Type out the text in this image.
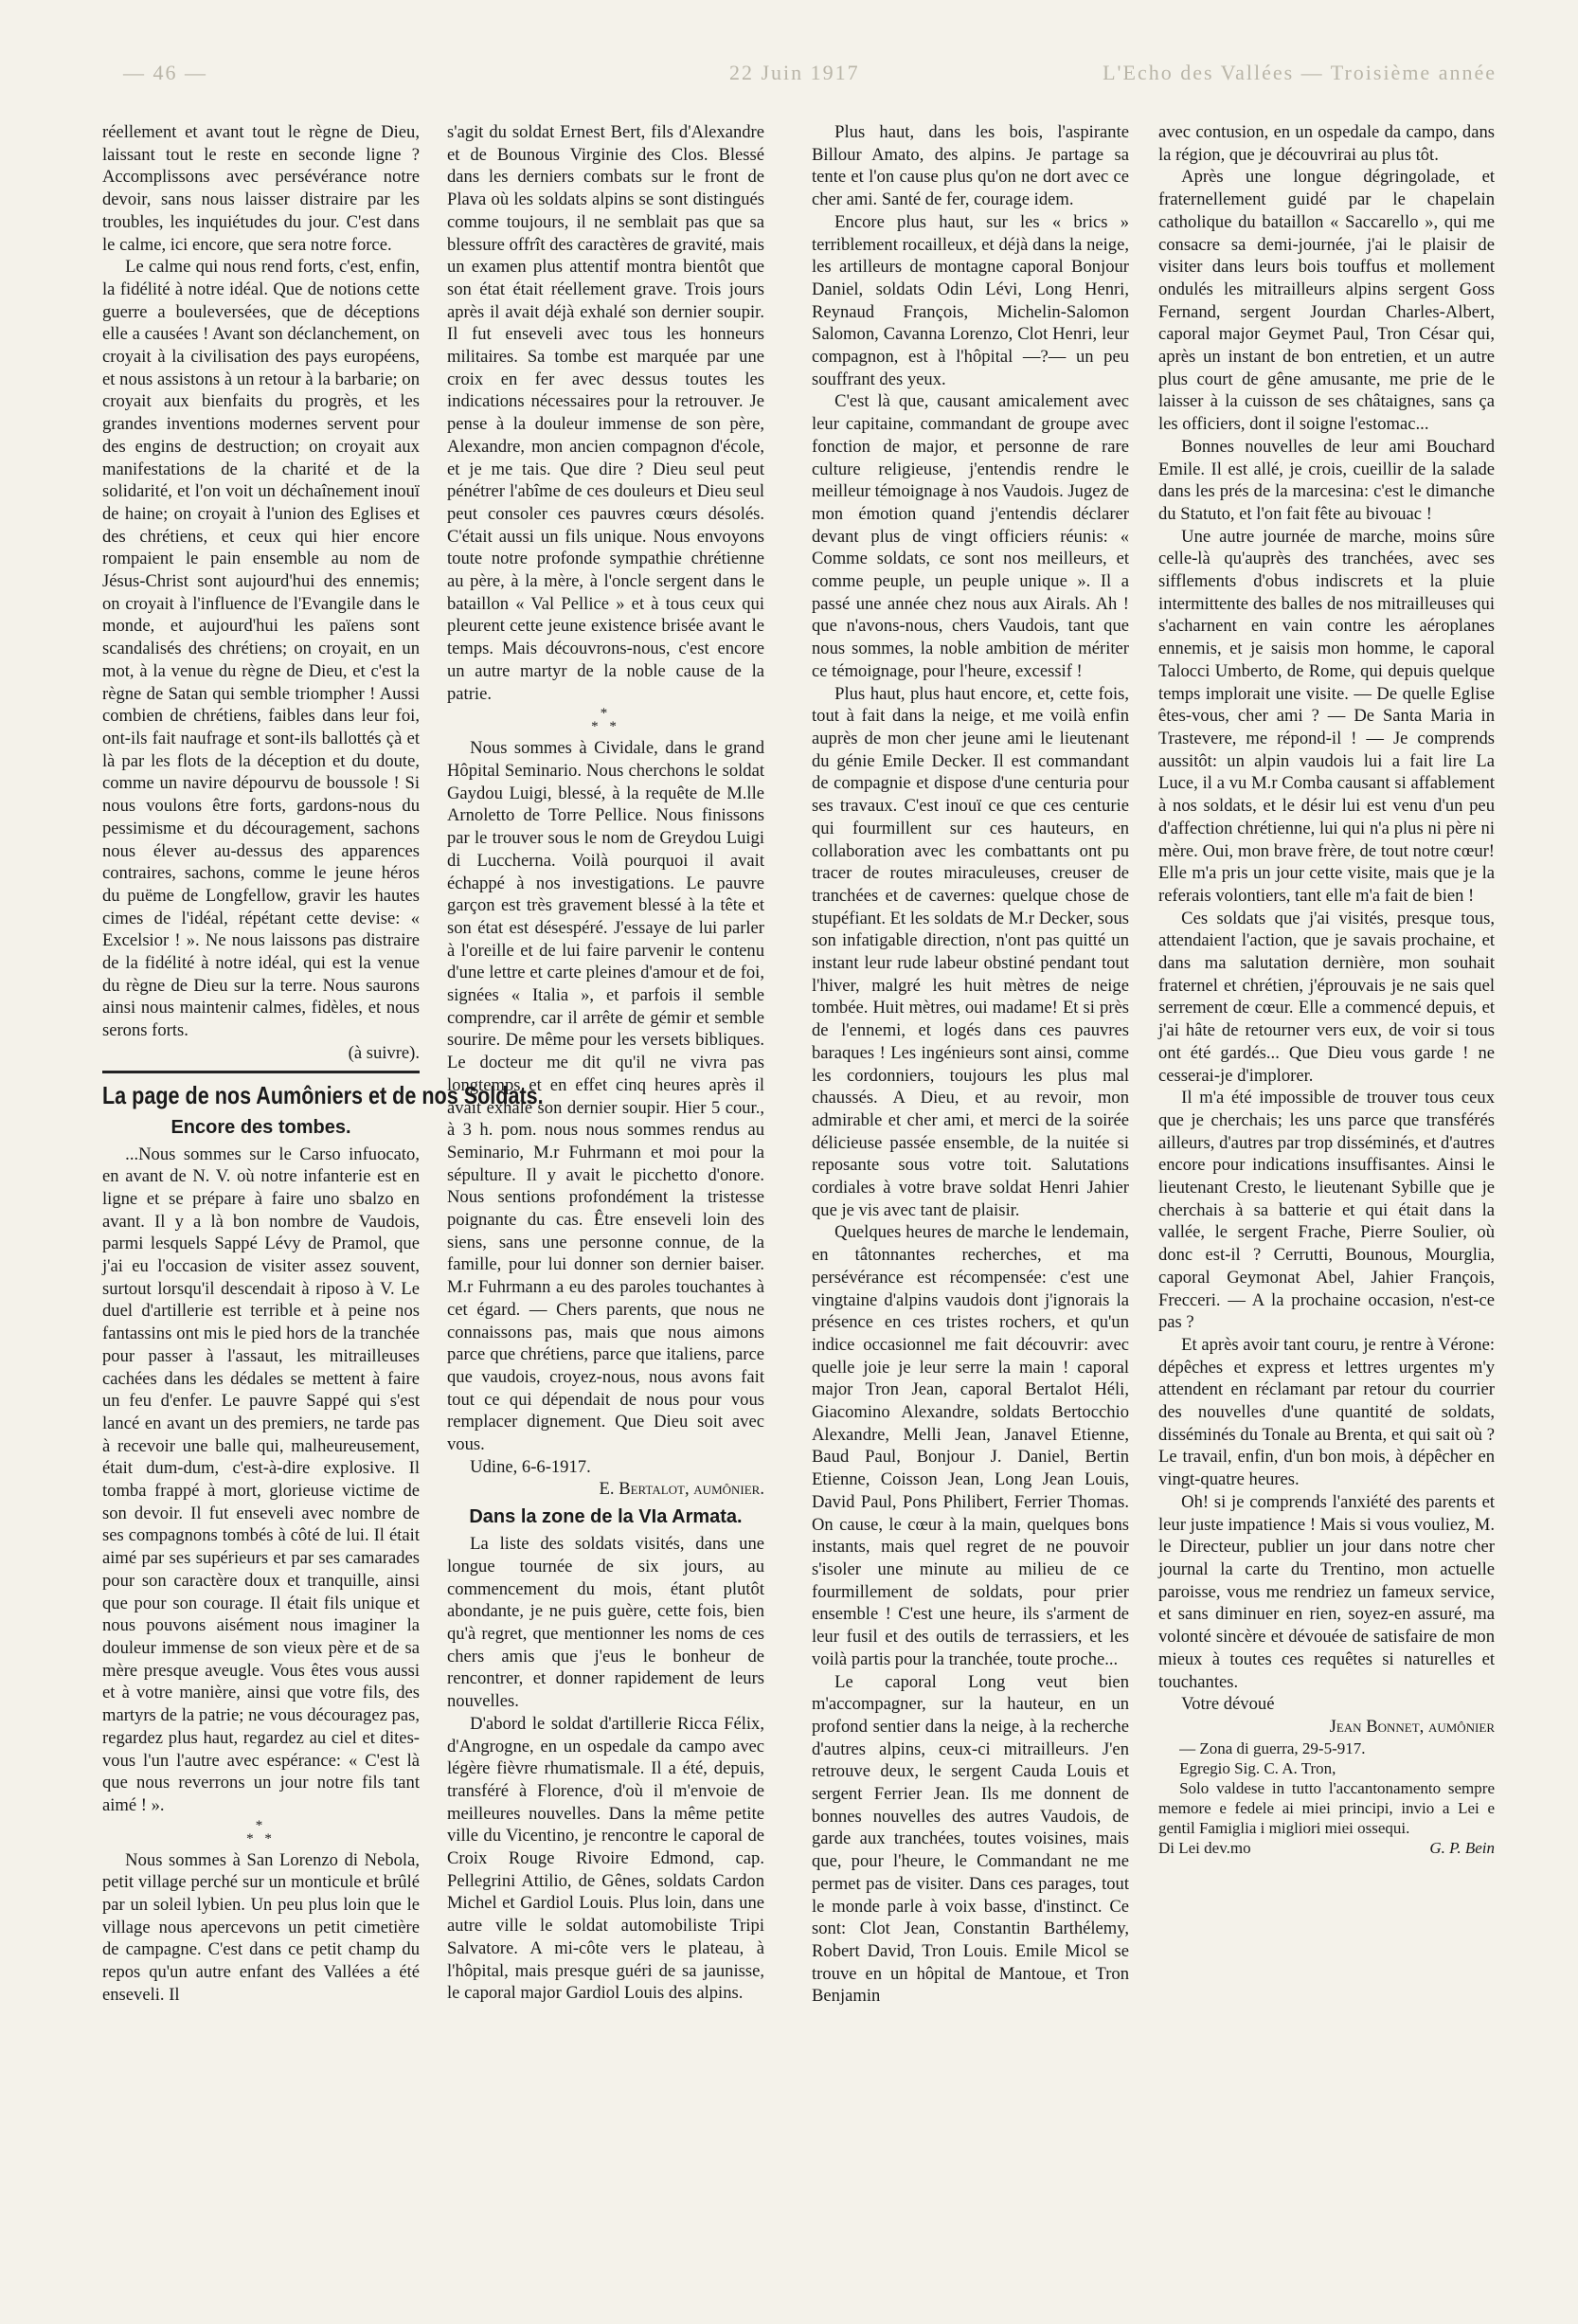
— 46 —	22 Juin 1917	L'Echo des Vallées — Troisième année

réellement et avant tout le règne de Dieu, laissant tout le reste en seconde ligne ? Accomplissons avec persévérance notre devoir, sans nous laisser distraire par les troubles, les inquiétudes du jour. C'est dans le calme, ici encore, que sera notre force.

Le calme qui nous rend forts, c'est, enfin, la fidélité à notre idéal. Que de notions cette guerre a bouleversées, que de déceptions elle a causées ! Avant son déclanchement, on croyait à la civilisation des pays européens, et nous assistons à un retour à la barbarie; on croyait aux bienfaits du progrès, et les grandes inventions modernes servent pour des engins de destruction; on croyait aux manifestations de la charité et de la solidarité, et l'on voit un déchaînement inouï de haine; on croyait à l'union des Eglises et des chrétiens, et ceux qui hier encore rompaient le pain ensemble au nom de Jésus-Christ sont aujourd'hui des ennemis; on croyait à l'influence de l'Evangile dans le monde, et aujourd'hui les païens sont scandalisés des chrétiens; on croyait, en un mot, à la venue du règne de Dieu, et c'est la règne de Satan qui semble triompher ! Aussi combien de chrétiens, faibles dans leur foi, ont-ils fait naufrage et sont-ils ballottés çà et là par les flots de la déception et du doute, comme un navire dépourvu de boussole ! Si nous voulons être forts, gardons-nous du pessimisme et du découragement, sachons nous élever au-dessus des apparences contraires, sachons, comme le jeune héros du puëme de Longfellow, gravir les hautes cimes de l'idéal, répétant cette devise: « Excelsior ! ». Ne nous laissons pas distraire de la fidélité à notre idéal, qui est la venue du règne de Dieu sur la terre. Nous saurons ainsi nous maintenir calmes, fidèles, et nous serons forts.

(à suivre).

La page de nos Aumôniers et de nos Soldats.
Encore des tombes.

...Nous sommes sur le Carso infuocato, en avant de N. V. où notre infanterie est en ligne et se prépare à faire uno sbalzo en avant. Il y a là bon nombre de Vaudois, parmi lesquels Sappé Lévy de Pramol, que j'ai eu l'occasion de visiter assez souvent, surtout lorsqu'il descendait à riposo à V. Le duel d'artillerie est terrible et à peine nos fantassins ont mis le pied hors de la tranchée pour passer à l'assaut, les mitrailleuses cachées dans les dédales se mettent à faire un feu d'enfer. Le pauvre Sappé qui s'est lancé en avant un des premiers, ne tarde pas à recevoir une balle qui, malheureusement, était dum-dum, c'est-à-dire explosive. Il tomba frappé à mort, glorieuse victime de son devoir. Il fut enseveli avec nombre de ses compagnons tombés à côté de lui. Il était aimé par ses supérieurs et par ses camarades pour son caractère doux et tranquille, ainsi que pour son courage. Il était fils unique et nous pouvons aisément nous imaginer la douleur immense de son vieux père et de sa mère presque aveugle. Vous êtes vous aussi et à votre manière, ainsi que votre fils, des martyrs de la patrie; ne vous découragez pas, regardez plus haut, regardez au ciel et dites-vous l'un l'autre avec espérance: « C'est là que nous reverrons un jour notre fils tant aimé ! ».

*
* *

Nous sommes à San Lorenzo di Nebola, petit village perché sur un monticule et brûlé par un soleil lybien. Un peu plus loin que le village nous apercevons un petit cimetière de campagne. C'est dans ce petit champ du repos qu'un autre enfant des Vallées a été enseveli. Il

s'agit du soldat Ernest Bert, fils d'Alexandre et de Bounous Virginie des Clos. Blessé dans les derniers combats sur le front de Plava où les soldats alpins se sont distingués comme toujours, il ne semblait pas que sa blessure offrît des caractères de gravité, mais un examen plus attentif montra bientôt que son état était réellement grave. Trois jours après il avait déjà exhalé son dernier soupir. Il fut enseveli avec tous les honneurs militaires. Sa tombe est marquée par une croix en fer avec dessus toutes les indications nécessaires pour la retrouver. Je pense à la douleur immense de son père, Alexandre, mon ancien compagnon d'école, et je me tais. Que dire ? Dieu seul peut pénétrer l'abîme de ces douleurs et Dieu seul peut consoler ces pauvres cœurs désolés. C'était aussi un fils unique. Nous envoyons toute notre profonde sympathie chrétienne au père, à la mère, à l'oncle sergent dans le bataillon « Val Pellice » et à tous ceux qui pleurent cette jeune existence brisée avant le temps. Mais découvrons-nous, c'est encore un autre martyr de la noble cause de la patrie.

*
* *

Nous sommes à Cividale, dans le grand Hôpital Seminario. Nous cherchons le soldat Gaydou Luigi, blessé, à la requête de M.lle Arnoletto de Torre Pellice. Nous finissons par le trouver sous le nom de Greydou Luigi di Luccherna. Voilà pourquoi il avait échappé à nos investigations. Le pauvre garçon est très gravement blessé à la tête et son état est désespéré. J'essaye de lui parler à l'oreille et de lui faire parvenir le contenu d'une lettre et carte pleines d'amour et de foi, signées « Italia », et parfois il semble comprendre, car il arrête de gémir et semble sourire. De même pour les versets bibliques. Le docteur me dit qu'il ne vivra pas longtemps et en effet cinq heures après il avait exhalé son dernier soupir. Hier 5 cour., à 3 h. pom. nous nous sommes rendus au Seminario, M.r Fuhrmann et moi pour la sépulture. Il y avait le picchetto d'onore. Nous sentions profondément la tristesse poignante du cas. Être enseveli loin des siens, sans une personne connue, de la famille, pour lui donner son dernier baiser. M.r Fuhrmann a eu des paroles touchantes à cet égard. — Chers parents, que nous ne connaissons pas, mais que nous aimons parce que chrétiens, parce que italiens, parce que vaudois, croyez-nous, nous avons fait tout ce qui dépendait de nous pour vous remplacer dignement. Que Dieu soit avec vous.

Udine, 6-6-1917.

E. Bertalot, aumônier.

Dans la zone de la VIa Armata.

La liste des soldats visités, dans une longue tournée de six jours, au commencement du mois, étant plutôt abondante, je ne puis guère, cette fois, bien qu'à regret, que mentionner les noms de ces chers amis que j'eus le bonheur de rencontrer, et donner rapidement de leurs nouvelles.

D'abord le soldat d'artillerie Ricca Félix, d'Angrogne, en un ospedale da campo avec légère fièvre rhumatismale. Il a été, depuis, transféré à Florence, d'où il m'envoie de meilleures nouvelles. Dans la même petite ville du Vicentino, je rencontre le caporal de Croix Rouge Rivoire Edmond, cap. Pellegrini Attilio, de Gênes, soldats Cardon Michel et Gardiol Louis. Plus loin, dans une autre ville le soldat automobiliste Tripi Salvatore. A mi-côte vers le plateau, à l'hôpital, mais presque guéri de sa jaunisse, le caporal major Gardiol Louis des alpins.

Plus haut, dans les bois, l'aspirante Billour Amato, des alpins. Je partage sa tente et l'on cause plus qu'on ne dort avec ce cher ami. Santé de fer, courage idem.

Encore plus haut, sur les « brics » terriblement rocailleux, et déjà dans la neige, les artilleurs de montagne caporal Bonjour Daniel, soldats Odin Lévi, Long Henri, Reynaud François, Michelin-Salomon Salomon, Cavanna Lorenzo, Clot Henri, leur compagnon, est à l'hôpital —?— un peu souffrant des yeux.

C'est là que, causant amicalement avec leur capitaine, commandant de groupe avec fonction de major, et personne de rare culture religieuse, j'entendis rendre le meilleur témoignage à nos Vaudois. Jugez de mon émotion quand j'entendis déclarer devant plus de vingt officiers réunis: « Comme soldats, ce sont nos meilleurs, et comme peuple, un peuple unique ». Il a passé une année chez nous aux Airals. Ah ! que n'avons-nous, chers Vaudois, tant que nous sommes, la noble ambition de mériter ce témoignage, pour l'heure, excessif !

Plus haut, plus haut encore, et, cette fois, tout à fait dans la neige, et me voilà enfin auprès de mon cher jeune ami le lieutenant du génie Emile Decker. Il est commandant de compagnie et dispose d'une centuria pour ses travaux. C'est inouï ce que ces centurie qui fourmillent sur ces hauteurs, en collaboration avec les combattants ont pu tracer de routes miraculeuses, creuser de tranchées et de cavernes: quelque chose de stupéfiant. Et les soldats de M.r Decker, sous son infatigable direction, n'ont pas quitté un instant leur rude labeur obstiné pendant tout l'hiver, malgré les huit mètres de neige tombée. Huit mètres, oui madame! Et si près de l'ennemi, et logés dans ces pauvres baraques ! Les ingénieurs sont ainsi, comme les cordonniers, toujours les plus mal chaussés. A Dieu, et au revoir, mon admirable et cher ami, et merci de la soirée délicieuse passée ensemble, de la nuitée si reposante sous votre toit. Salutations cordiales à votre brave soldat Henri Jahier que je vis avec tant de plaisir.

Quelques heures de marche le lendemain, en tâtonnantes recherches, et ma persévérance est récompensée: c'est une vingtaine d'alpins vaudois dont j'ignorais la présence en ces tristes rochers, et qu'un indice occasionnel me fait découvrir: avec quelle joie je leur serre la main ! caporal major Tron Jean, caporal Bertalot Héli, Giacomino Alexandre, soldats Bertocchio Alexandre, Melli Jean, Janavel Etienne, Baud Paul, Bonjour J. Daniel, Bertin Etienne, Coisson Jean, Long Jean Louis, David Paul, Pons Philibert, Ferrier Thomas. On cause, le cœur à la main, quelques bons instants, mais quel regret de ne pouvoir s'isoler une minute au milieu de ce fourmillement de soldats, pour prier ensemble ! C'est une heure, ils s'arment de leur fusil et des outils de terrassiers, et les voilà partis pour la tranchée, toute proche...

Le caporal Long veut bien m'accompagner, sur la hauteur, en un profond sentier dans la neige, à la recherche d'autres alpins, ceux-ci mitrailleurs. J'en retrouve deux, le sergent Cauda Louis et sergent Ferrier Jean. Ils me donnent de bonnes nouvelles des autres Vaudois, de garde aux tranchées, toutes voisines, mais que, pour l'heure, le Commandant ne me permet pas de visiter. Dans ces parages, tout le monde parle à voix basse, d'instinct. Ce sont: Clot Jean, Constantin Barthélemy, Robert David, Tron Louis. Emile Micol se trouve en un hôpital de Mantoue, et Tron Benjamin

avec contusion, en un ospedale da campo, dans la région, que je découvrirai au plus tôt.

Après une longue dégringolade, et fraternellement guidé par le chapelain catholique du bataillon « Saccarello », qui me consacre sa demi-journée, j'ai le plaisir de visiter dans leurs bois touffus et mollement ondulés les mitrailleurs alpins sergent Goss Fernand, sergent Jourdan Charles-Albert, caporal major Geymet Paul, Tron César qui, après un instant de bon entretien, et un autre plus court de gêne amusante, me prie de le laisser à la cuisson de ses châtaignes, sans ça les officiers, dont il soigne l'estomac...

Bonnes nouvelles de leur ami Bouchard Emile. Il est allé, je crois, cueillir de la salade dans les prés de la marcesina: c'est le dimanche du Statuto, et l'on fait fête au bivouac !

Une autre journée de marche, moins sûre celle-là qu'auprès des tranchées, avec ses sifflements d'obus indiscrets et la pluie intermittente des balles de nos mitrailleuses qui s'acharnent en vain contre les aéroplanes ennemis, et je saisis mon homme, le caporal Talocci Umberto, de Rome, qui depuis quelque temps implorait une visite. — De quelle Eglise êtes-vous, cher ami ? — De Santa Maria in Trastevere, me répond-il ! — Je comprends aussitôt: un alpin vaudois lui a fait lire La Luce, il a vu M.r Comba causant si affablement à nos soldats, et le désir lui est venu d'un peu d'affection chrétienne, lui qui n'a plus ni père ni mère. Oui, mon brave frère, de tout notre cœur! Elle m'a pris un jour cette visite, mais que je la referais volontiers, tant elle m'a fait de bien !

Ces soldats que j'ai visités, presque tous, attendaient l'action, que je savais prochaine, et dans ma salutation dernière, mon souhait fraternel et chrétien, j'éprouvais je ne sais quel serrement de cœur. Elle a commencé depuis, et j'ai hâte de retourner vers eux, de voir si tous ont été gardés... Que Dieu vous garde ! ne cesserai-je d'implorer.

Il m'a été impossible de trouver tous ceux que je cherchais; les uns parce que transférés ailleurs, d'autres par trop disséminés, et d'autres encore pour indications insuffisantes. Ainsi le lieutenant Cresto, le lieutenant Sybille que je cherchais à sa batterie et qui était dans la vallée, le sergent Frache, Pierre Soulier, où donc est-il ? Cerrutti, Bounous, Mourglia, caporal Geymonat Abel, Jahier François, Frecceri. — A la prochaine occasion, n'est-ce pas ?

Et après avoir tant couru, je rentre à Vérone: dépêches et express et lettres urgentes m'y attendent en réclamant par retour du courrier des nouvelles d'une quantité de soldats, disséminés du Tonale au Brenta, et qui sait où ? Le travail, enfin, d'un bon mois, à dépêcher en vingt-quatre heures.

Oh! si je comprends l'anxiété des parents et leur juste impatience ! Mais si vous vouliez, M. le Directeur, publier un jour dans notre cher journal la carte du Trentino, mon actuelle paroisse, vous me rendriez un fameux service, et sans diminuer en rien, soyez-en assuré, ma volonté sincère et dévouée de satisfaire de mon mieux à toutes ces requêtes si naturelles et touchantes.

Votre dévoué

Jean Bonnet, aumônier

— Zona di guerra, 29-5-917.

Egregio Sig. C. A. Tron,

Solo valdese in tutto l'accantonamento sempre memore e fedele ai miei principi, invio a Lei e gentil Famiglia i migliori miei ossequi.

Di Lei dev.mo	G. P. Bein
